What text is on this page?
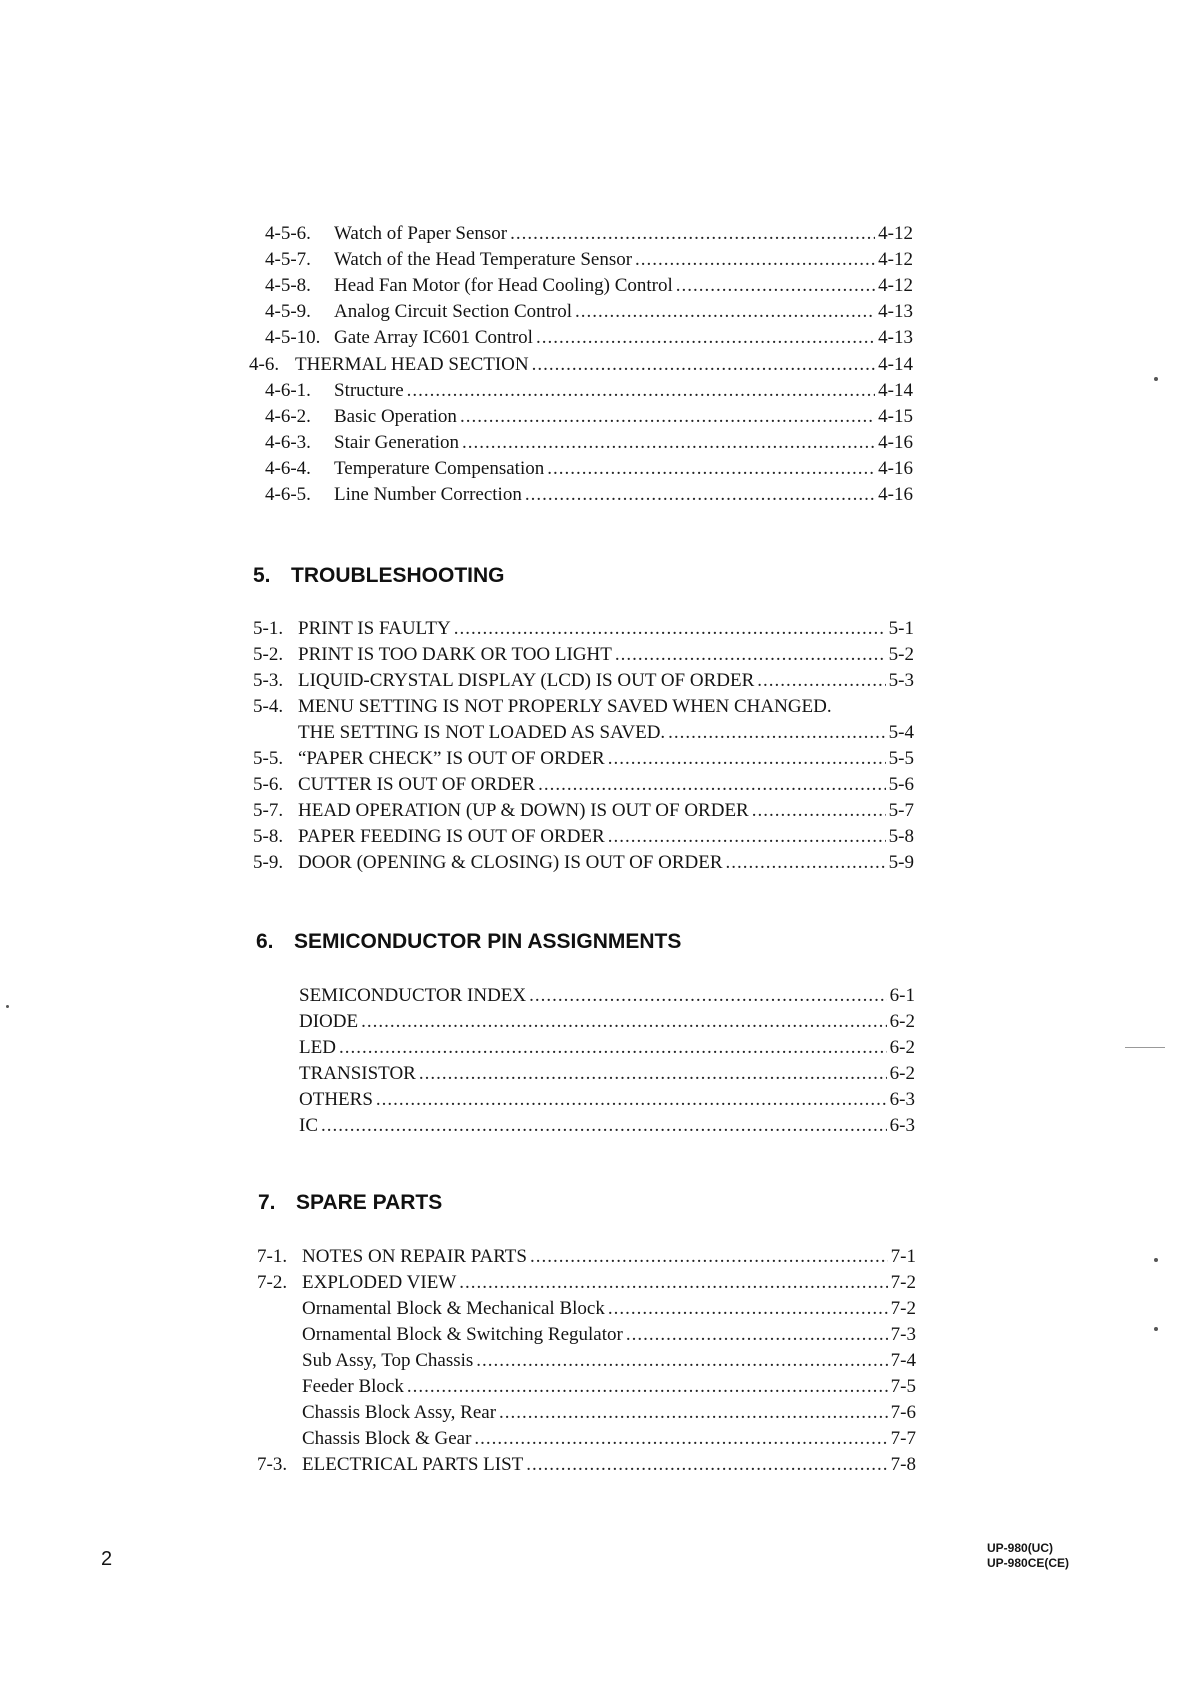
4-5-6.	Watch of Paper Sensor .....	4-12
4-5-7.	Watch of the Head Temperature Sensor .....	4-12
4-5-8.	Head Fan Motor (for Head Cooling) Control .....	4-12
4-5-9.	Analog Circuit Section Control .....	4-13
4-5-10. Gate Array IC601 Control .....	4-13
4-6. THERMAL HEAD SECTION .....	4-14
4-6-1.	Structure .....	4-14
4-6-2.	Basic Operation .....	4-15
4-6-3.	Stair Generation .....	4-16
4-6-4.	Temperature Compensation .....	4-16
4-6-5.	Line Number Correction .....	4-16
5. TROUBLESHOOTING
5-1. PRINT IS FAULTY .....	5-1
5-2. PRINT IS TOO DARK OR TOO LIGHT .....	5-2
5-3. LIQUID-CRYSTAL DISPLAY (LCD) IS OUT OF ORDER .....	5-3
5-4. MENU SETTING IS NOT PROPERLY SAVED WHEN CHANGED.
THE SETTING IS NOT LOADED AS SAVED. .....	5-4
5-5. “PAPER CHECK” IS OUT OF ORDER .....	5-5
5-6. CUTTER IS OUT OF ORDER .....	5-6
5-7. HEAD OPERATION (UP & DOWN) IS OUT OF ORDER .....	5-7
5-8. PAPER FEEDING IS OUT OF ORDER .....	5-8
5-9. DOOR (OPENING & CLOSING) IS OUT OF ORDER .....	5-9
6. SEMICONDUCTOR PIN ASSIGNMENTS
SEMICONDUCTOR INDEX .....	6-1
DIODE .....	6-2
LED .....	6-2
TRANSISTOR .....	6-2
OTHERS .....	6-3
IC .....	6-3
7. SPARE PARTS
7-1. NOTES ON REPAIR PARTS .....	7-1
7-2. EXPLODED VIEW .....	7-2
Ornamental Block & Mechanical Block .....	7-2
Ornamental Block & Switching Regulator .....	7-3
Sub Assy, Top Chassis .....	7-4
Feeder Block .....	7-5
Chassis Block Assy, Rear .....	7-6
Chassis Block & Gear .....	7-7
7-3. ELECTRICAL PARTS LIST .....	7-8
2	UP-980(UC)
UP-980CE(CE)
